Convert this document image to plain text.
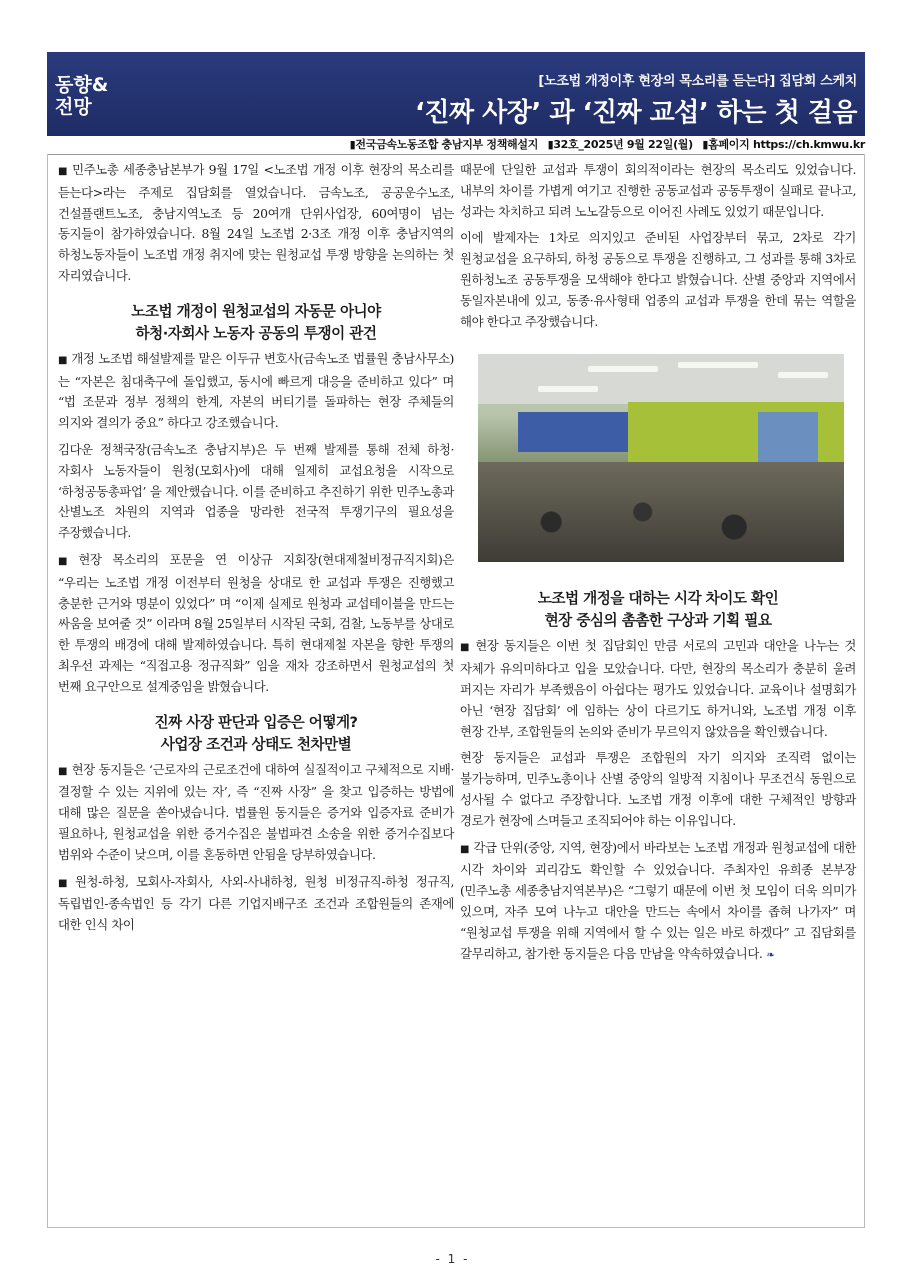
동향&
전망
[노조법 개정이후 현장의 목소리를 듣는다] 집담회 스케치
‘진짜 사장’ 과 ‘진짜 교섭’ 하는 첫 걸음
▮전국금속노동조합 충남지부 정책해설지 ▮32호_2025년 9월 22일(월) ▮홈페이지 https://ch.kmwu.kr

■ 민주노총 세종충남본부가 9월 17일 <노조법 개정 이후 현장의 목소리를 듣는다>라는 주제로 집담회를 열었습니다. 금속노조, 공공운수노조, 건설플랜트노조, 충남지역노조 등 20여개 단위사업장, 60여명이 넘는 동지들이 참가하였습니다. 8월 24일 노조법 2·3조 개정 이후 충남지역의 하청노동자들이 노조법 개정 취지에 맞는 원청교섭 투쟁 방향을 논의하는 첫 자리였습니다.

노조법 개정이 원청교섭의 자동문 아니야
하청·자회사 노동자 공동의 투쟁이 관건

■ 개정 노조법 해설발제를 맡은 이두규 변호사(금속노조 법률원 충남사무소)는 “자본은 침대축구에 돌입했고, 동시에 빠르게 대응을 준비하고 있다” 며 “법 조문과 정부 정책의 한계, 자본의 버티기를 돌파하는 현장 주체들의 의지와 결의가 중요” 하다고 강조했습니다.

김다운 정책국장(금속노조 충남지부)은 두 번째 발제를 통해 전체 하청·자회사 노동자들이 원청(모회사)에 대해 일제히 교섭요청을 시작으로 ‘하청공동총파업’ 을 제안했습니다. 이를 준비하고 추진하기 위한 민주노총과 산별노조 차원의 지역과 업종을 망라한 전국적 투쟁기구의 필요성을 주장했습니다.

■ 현장 목소리의 포문을 연 이상규 지회장(현대제철비정규직지회)은 “우리는 노조법 개정 이전부터 원청을 상대로 한 교섭과 투쟁은 진행했고 충분한 근거와 명분이 있었다” 며 “이제 실제로 원청과 교섭테이블을 만드는 싸움을 보여줄 것” 이라며 8월 25일부터 시작된 국회, 검찰, 노동부를 상대로 한 투쟁의 배경에 대해 발제하였습니다. 특히 현대제철 자본을 향한 투쟁의 최우선 과제는 “직접고용 정규직화” 임을 재차 강조하면서 원청교섭의 첫 번째 요구안으로 설계중임을 밝혔습니다.

진짜 사장 판단과 입증은 어떻게?
사업장 조건과 상태도 천차만별

■ 현장 동지들은 ‘근로자의 근로조건에 대하여 실질적이고 구체적으로 지배·결정할 수 있는 지위에 있는 자’, 즉 “진짜 사장” 을 찾고 입증하는 방법에 대해 많은 질문을 쏟아냈습니다. 법률원 동지들은 증거와 입증자료 준비가 필요하나, 원청교섭을 위한 증거수집은 불법파견 소송을 위한 증거수집보다 범위와 수준이 낮으며, 이를 혼동하면 안됨을 당부하였습니다.

■ 원청-하청, 모회사-자회사, 사외-사내하청, 원청 비정규직-하청 정규직, 독립법인-종속법인 등 각기 다른 기업지배구조 조건과 조합원들의 존재에 대한 인식 차이

때문에 단일한 교섭과 투쟁이 회의적이라는 현장의 목소리도 있었습니다. 내부의 차이를 가볍게 여기고 진행한 공동교섭과 공동투쟁이 실패로 끝나고, 성과는 차치하고 되려 노노갈등으로 이어진 사례도 있었기 때문입니다.

이에 발제자는 1차로 의지있고 준비된 사업장부터 묶고, 2차로 각기 원청교섭을 요구하되, 하청 공동으로 투쟁을 진행하고, 그 성과를 통해 3차로 원하청노조 공동투쟁을 모색해야 한다고 밝혔습니다. 산별 중앙과 지역에서 동일자본내에 있고, 동종·유사형태 업종의 교섭과 투쟁을 한데 묶는 역할을 해야 한다고 주장했습니다.

노조법 개정을 대하는 시각 차이도 확인
현장 중심의 촘촘한 구상과 기획 필요

■ 현장 동지들은 이번 첫 집담회인 만큼 서로의 고민과 대안을 나누는 것 자체가 유의미하다고 입을 모았습니다. 다만, 현장의 목소리가 충분히 울려 퍼지는 자리가 부족했음이 아쉽다는 평가도 있었습니다. 교육이나 설명회가 아닌 ‘현장 집담회’ 에 임하는 상이 다르기도 하거니와, 노조법 개정 이후 현장 간부, 조합원들의 논의와 준비가 무르익지 않았음을 확인했습니다.

현장 동지들은 교섭과 투쟁은 조합원의 자기 의지와 조직력 없이는 불가능하며, 민주노총이나 산별 중앙의 일방적 지침이나 무조건식 동원으로 성사될 수 없다고 주장합니다. 노조법 개정 이후에 대한 구체적인 방향과 경로가 현장에 스며들고 조직되어야 하는 이유입니다.

■ 각급 단위(중앙, 지역, 현장)에서 바라보는 노조법 개정과 원청교섭에 대한 시각 차이와 괴리감도 확인할 수 있었습니다. 주최자인 유희종 본부장(민주노총 세종충남지역본부)은 “그렇기 때문에 이번 첫 모임이 더욱 의미가 있으며, 자주 모여 나누고 대안을 만드는 속에서 차이를 좁혀 나가자” 며 “원청교섭 투쟁을 위해 지역에서 할 수 있는 일은 바로 하겠다” 고 집담회를 갈무리하고, 참가한 동지들은 다음 만남을 약속하였습니다. ❧

- 1 -
